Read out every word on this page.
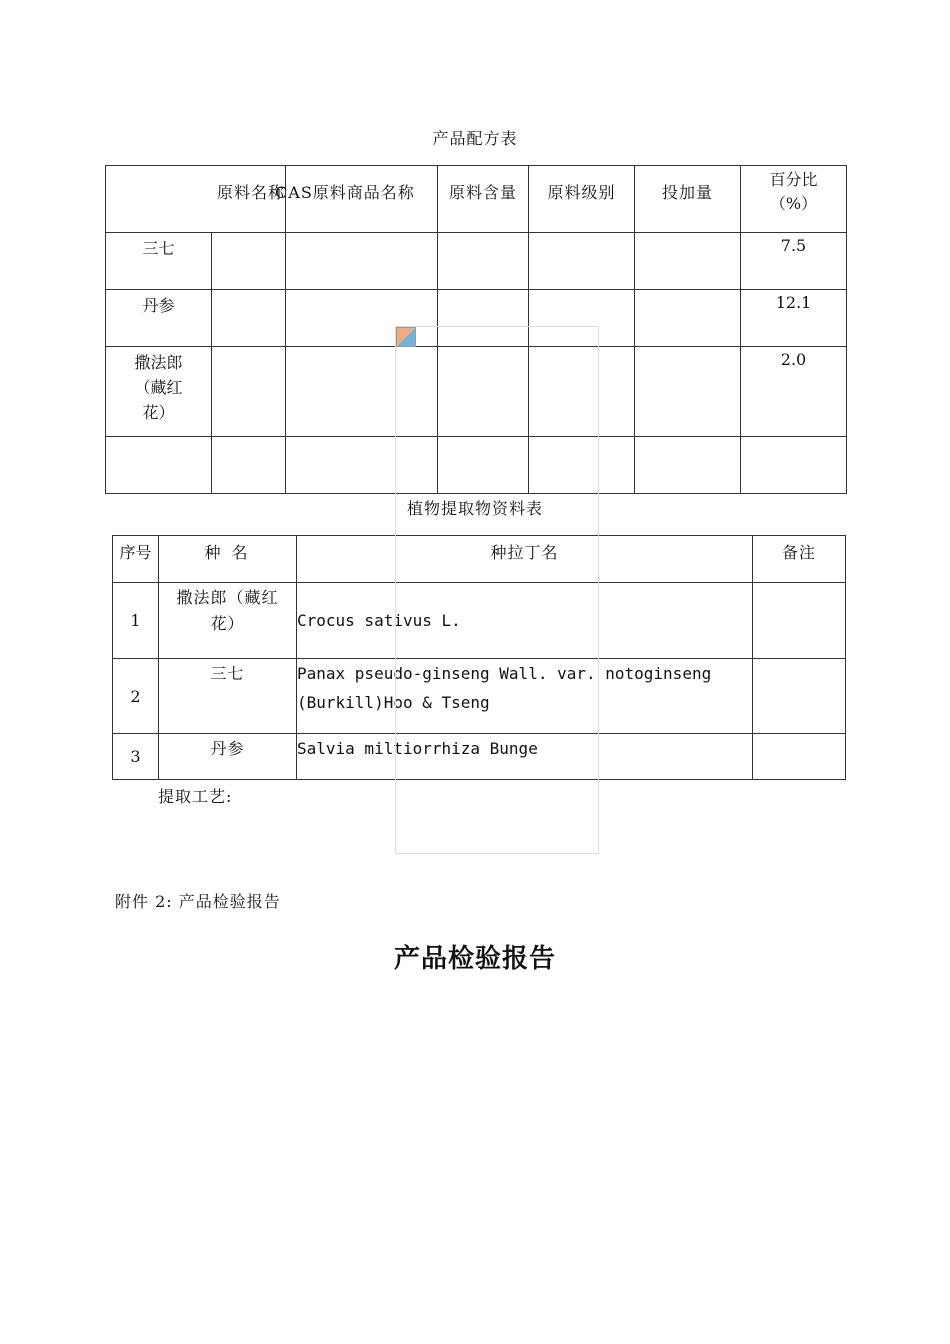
产品配方表
原料名称		CAS原料商品名称	原料含量	原料级别	投加量	百分比（%）
三七						7.5
丹参						12.1
撒法郎（藏红花）						2.0

植物提取物资料表
序号	种 名	种拉丁名	备注
1	撒法郎（藏红花）	Crocus sativus L.	
2	三七	Panax pseudo-ginseng Wall. var. notoginseng (Burkill)Hoo & Tseng	
3	丹参	Salvia miltiorrhiza Bunge	
提取工艺:
附件 2: 产品检验报告
产品检验报告
